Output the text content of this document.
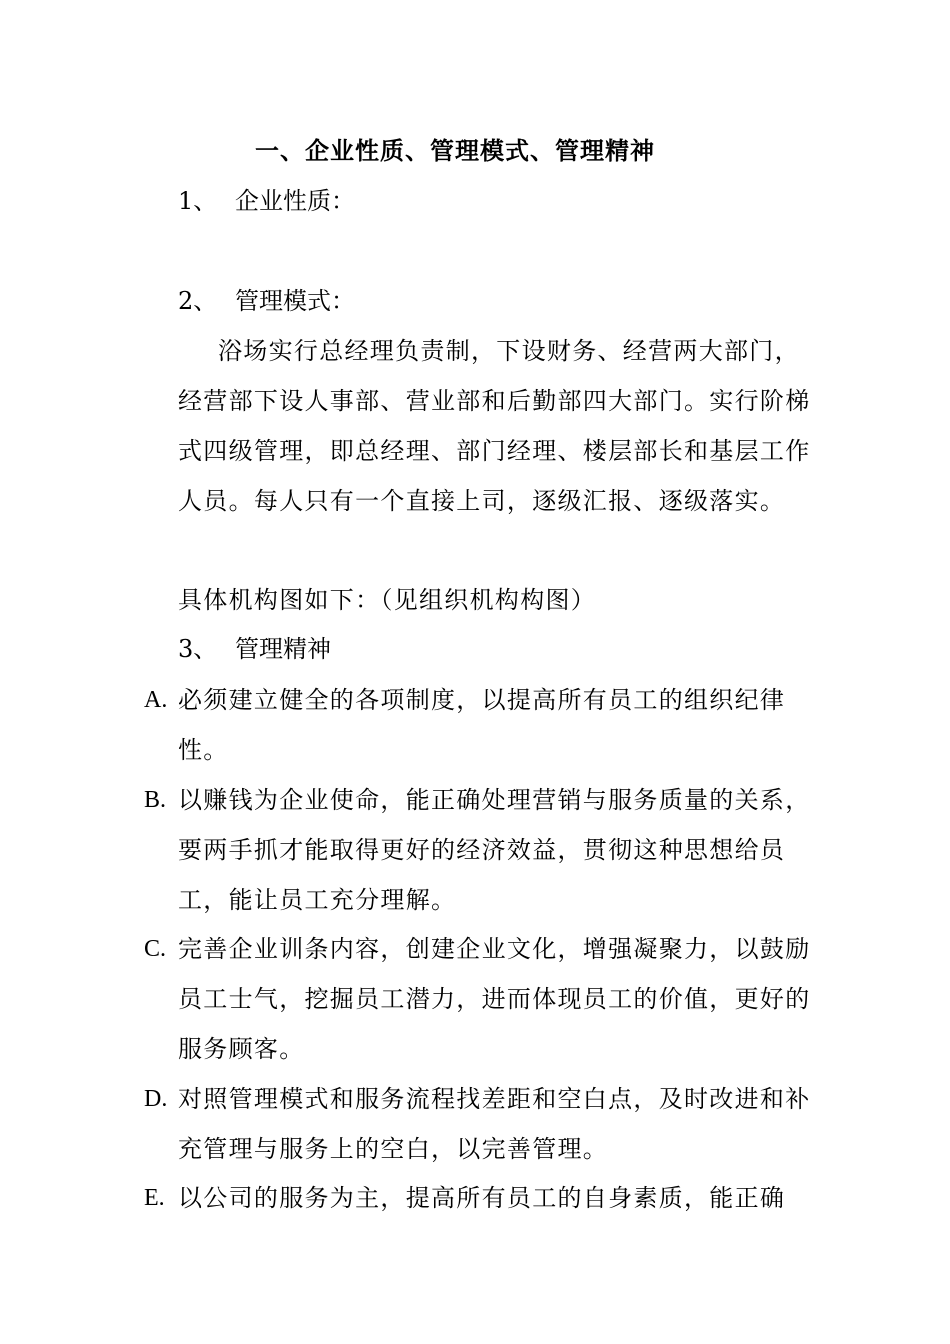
一、企业性质、管理模式、管理精神
1、 企业性质：
2、 管理模式：
浴场实行总经理负责制，下设财务、经营两大部门，经营部下设人事部、营业部和后勤部四大部门。实行阶梯式四级管理，即总经理、部门经理、楼层部长和基层工作人员。每人只有一个直接上司，逐级汇报、逐级落实。
具体机构图如下：（见组织机构构图）
3、 管理精神
A. 必须建立健全的各项制度，以提高所有员工的组织纪律性。
B. 以赚钱为企业使命，能正确处理营销与服务质量的关系，要两手抓才能取得更好的经济效益，贯彻这种思想给员工，能让员工充分理解。
C. 完善企业训条内容，创建企业文化，增强凝聚力，以鼓励员工士气，挖掘员工潜力，进而体现员工的价值，更好的服务顾客。
D. 对照管理模式和服务流程找差距和空白点，及时改进和补充管理与服务上的空白，以完善管理。
E. 以公司的服务为主，提高所有员工的自身素质，能正确
